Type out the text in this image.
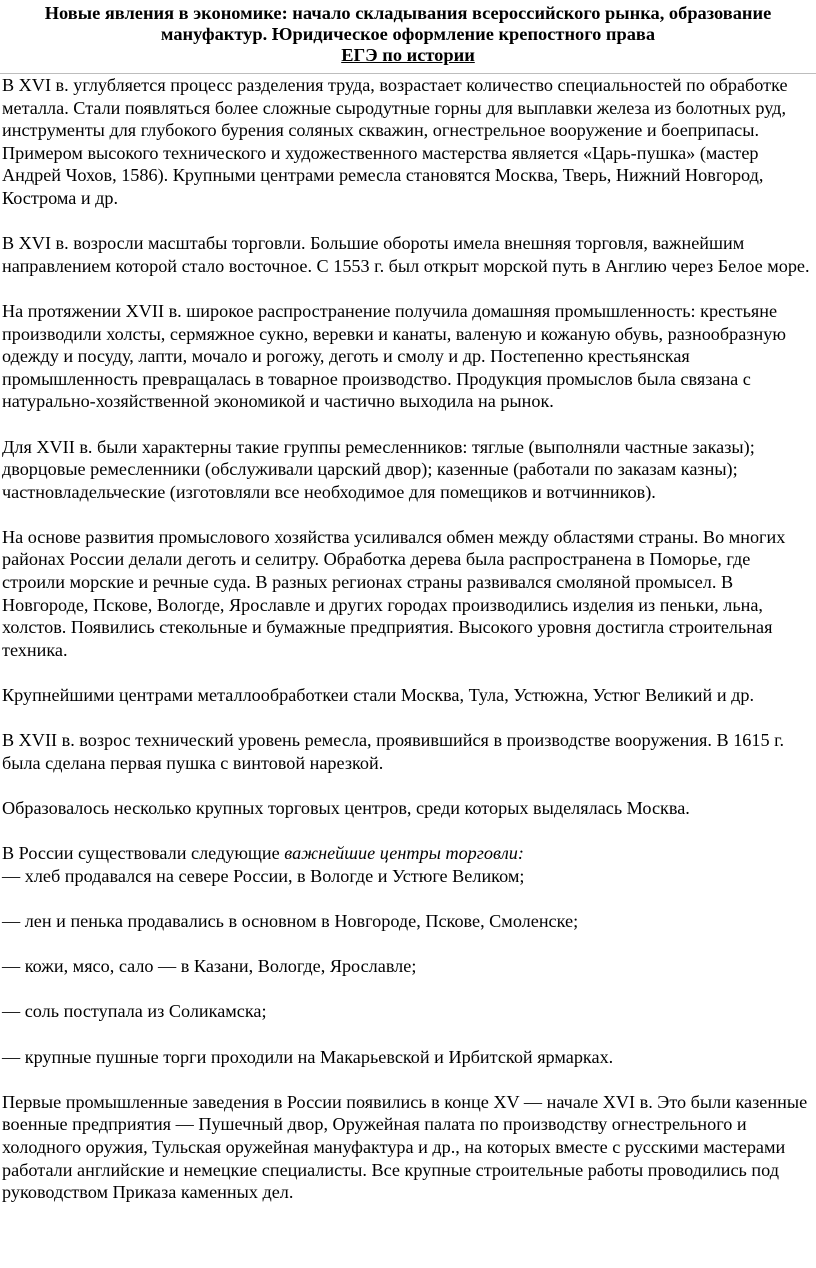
Новые явления в экономике: начало складывания всероссийского рынка, образование мануфактур. Юридическое оформление крепостного права
ЕГЭ по истории

В XVI в. углубляется процесс разделения труда, возрастает количество специальностей по обработке металла. Стали появляться более сложные сыродутные горны для выплавки железа из болотных руд, инструменты для глубокого бурения соляных скважин, огнестрельное вооружение и боеприпасы. Примером высокого технического и художественного мастерства является «Царь-пушка» (мастер Андрей Чохов, 1586). Крупными центрами ремесла становятся Москва, Тверь, Нижний Новгород, Кострома и др.

В XVI в. возросли масштабы торговли. Большие обороты имела внешняя торговля, важнейшим направлением которой стало восточное. С 1553 г. был открыт морской путь в Англию через Белое море.

На протяжении XVII в. широкое распространение получила домашняя промышленность: крестьяне производили холсты, сермяжное сукно, веревки и канаты, валеную и кожаную обувь, разнообразную одежду и посуду, лапти, мочало и рогожу, деготь и смолу и др. Постепенно крестьянская промышленность превращалась в товарное производство. Продукция промыслов была связана с натурально-хозяйственной экономикой и частично выходила на рынок.

Для XVII в. были характерны такие группы ремесленников: тяглые (выполняли частные заказы); дворцовые ремесленники (обслуживали царский двор); казенные (работали по заказам казны); частновладельческие (изготовляли все необходимое для помещиков и вотчинников).

На основе развития промыслового хозяйства усиливался обмен между областями страны. Во многих районах России делали деготь и селитру. Обработка дерева была распространена в Поморье, где строили морские и речные суда. В разных регионах страны развивался смоляной промысел. В Новгороде, Пскове, Вологде, Ярославле и других городах производились изделия из пеньки, льна, холстов. Появились стекольные и бумажные предприятия. Высокого уровня достигла строительная техника.

Крупнейшими центрами металлообработкеи стали Москва, Тула, Устюжна, Устюг Великий и др.

В XVII в. возрос технический уровень ремесла, проявившийся в производстве вооружения. В 1615 г. была сделана первая пушка с винтовой нарезкой.

Образовалось несколько крупных торговых центров, среди которых выделялась Москва.

В России существовали следующие важнейшие центры торговли:

— хлеб продавался на севере России, в Вологде и Устюге Великом;

— лен и пенька продавались в основном в Новгороде, Пскове, Смоленске;

— кожи, мясо, сало — в Казани, Вологде, Ярославле;

— соль поступала из Соликамска;

— крупные пушные торги проходили на Макарьевской и Ирбитской ярмарках.

Первые промышленные заведения в России появились в конце XV — начале XVI в. Это были казенные военные предприятия — Пушечный двор, Оружейная палата по производству огнестрельного и холодного оружия, Тульская оружейная мануфактура и др., на которых вместе с русскими мастерами работали английские и немецкие специалисты. Все крупные строительные работы проводились под руководством Приказа каменных дел.
